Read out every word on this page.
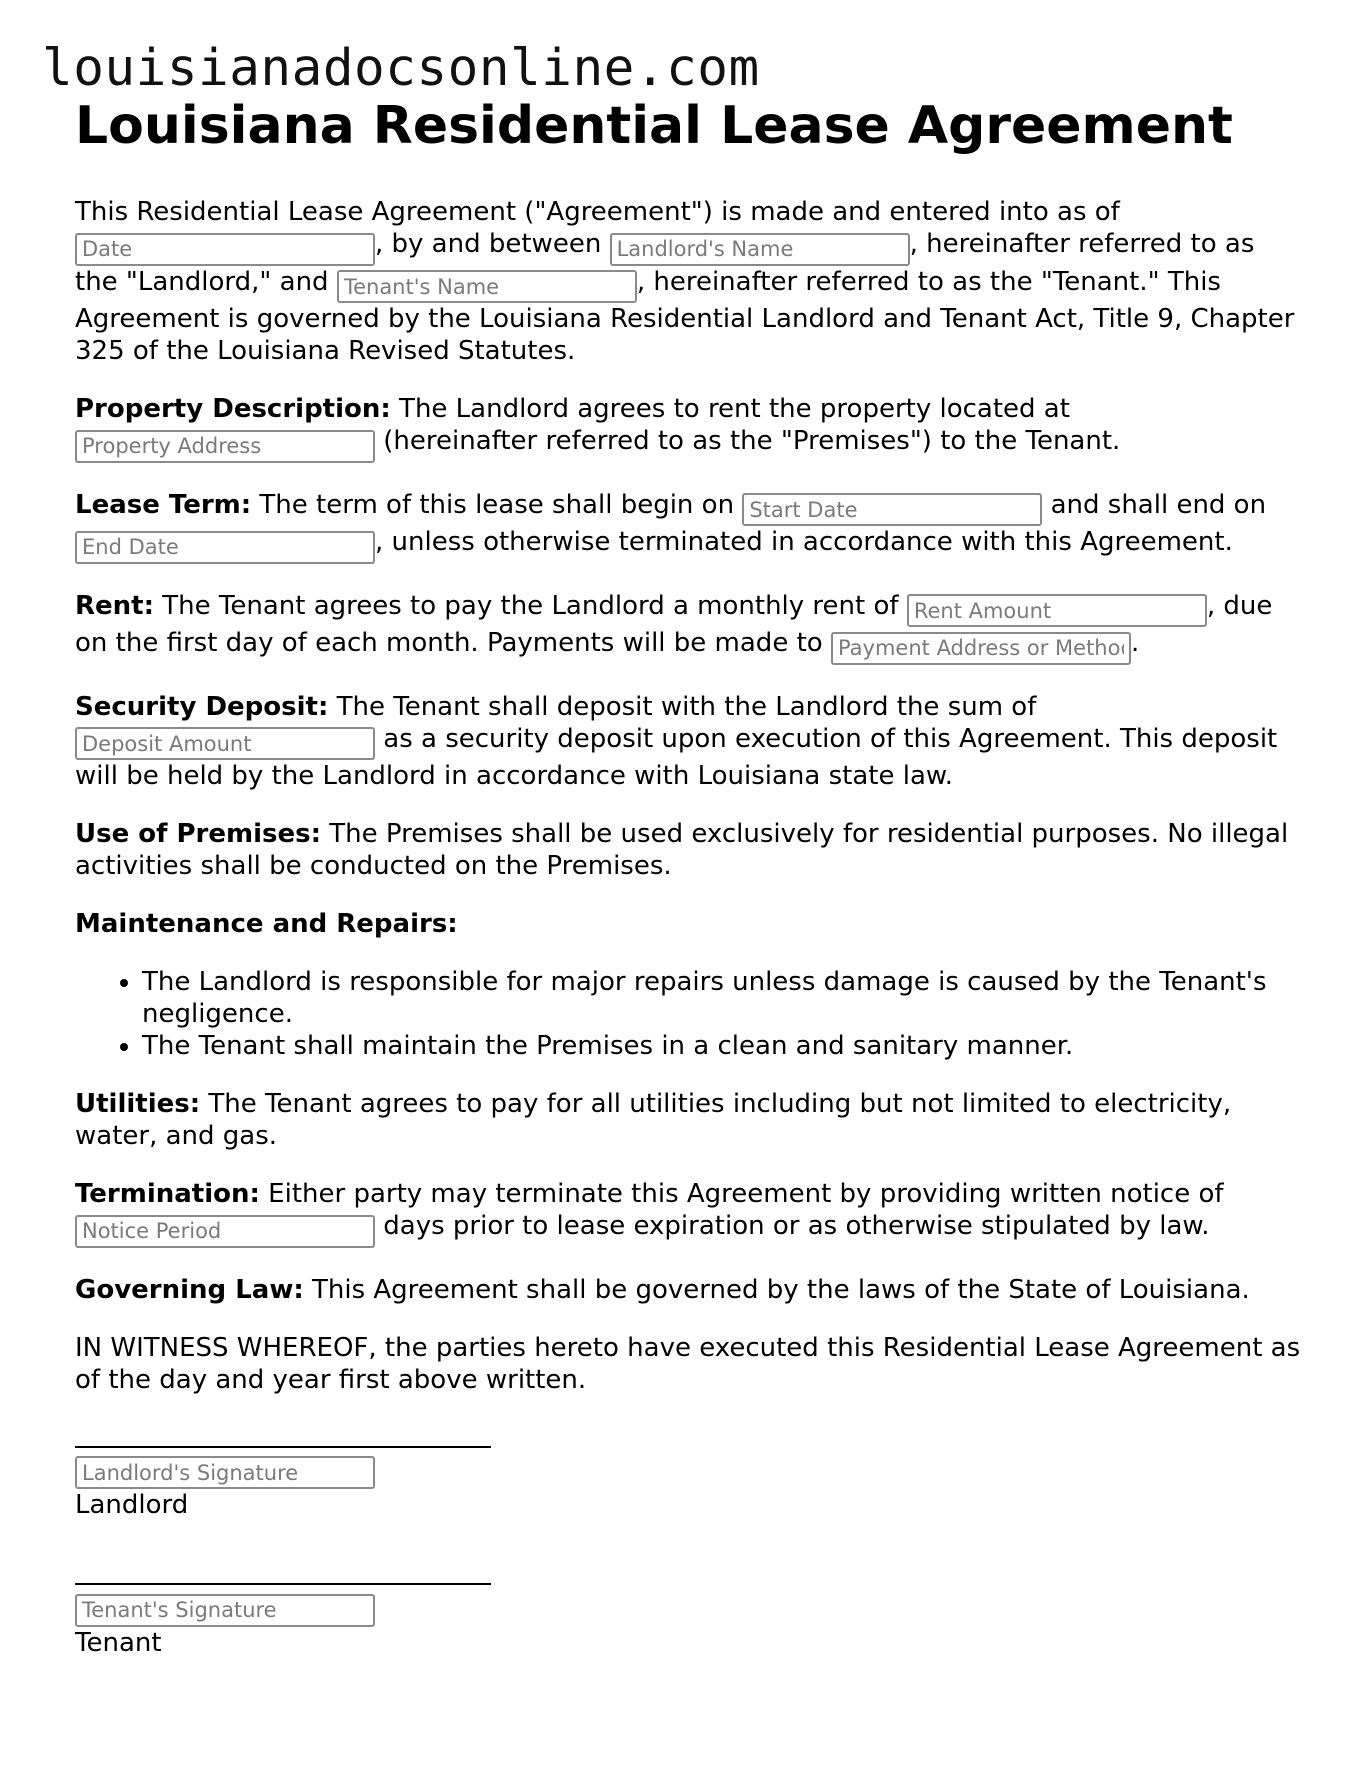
louisianadocsonline.com
Louisiana Residential Lease Agreement

This Residential Lease Agreement ("Agreement") is made and entered into as of Date, by and between Landlord's Name	, hereinafter referred to as the "Landlord," and Tenant's Name	, hereinafter referred to as the "Tenant." This Agreement is governed by the Louisiana Residential Landlord and Tenant Act, Title 9, Chapter 325 of the Louisiana Revised Statutes.

Property Description: The Landlord agrees to rent the property located at Property Address (hereinafter referred to as the "Premises") to the Tenant.

Lease Term: The term of this lease shall begin on Start Date	and shall end on End Date, unless otherwise terminated in accordance with this Agreement.

Rent: The Tenant agrees to pay the Landlord a monthly rent of Rent Amount	, due on the first day of each month. Payments will be made to Payment Address or Method	.

Security Deposit: The Tenant shall deposit with the Landlord the sum of Deposit Amount as a security deposit upon execution of this Agreement. This deposit will be held by the Landlord in accordance with Louisiana state law.

Use of Premises: The Premises shall be used exclusively for residential purposes. No illegal activities shall be conducted on the Premises.

Maintenance and Repairs:

• The Landlord is responsible for major repairs unless damage is caused by the Tenant's negligence.
• The Tenant shall maintain the Premises in a clean and sanitary manner.

Utilities: The Tenant agrees to pay for all utilities including but not limited to electricity, water, and gas.

Termination: Either party may terminate this Agreement by providing written notice of Notice Period days prior to lease expiration or as otherwise stipulated by law.

Governing Law: This Agreement shall be governed by the laws of the State of Louisiana.

IN WITNESS WHEREOF, the parties hereto have executed this Residential Lease Agreement as of the day and year first above written.

Landlord's Signature
Landlord
Tenant's Signature
Tenant
